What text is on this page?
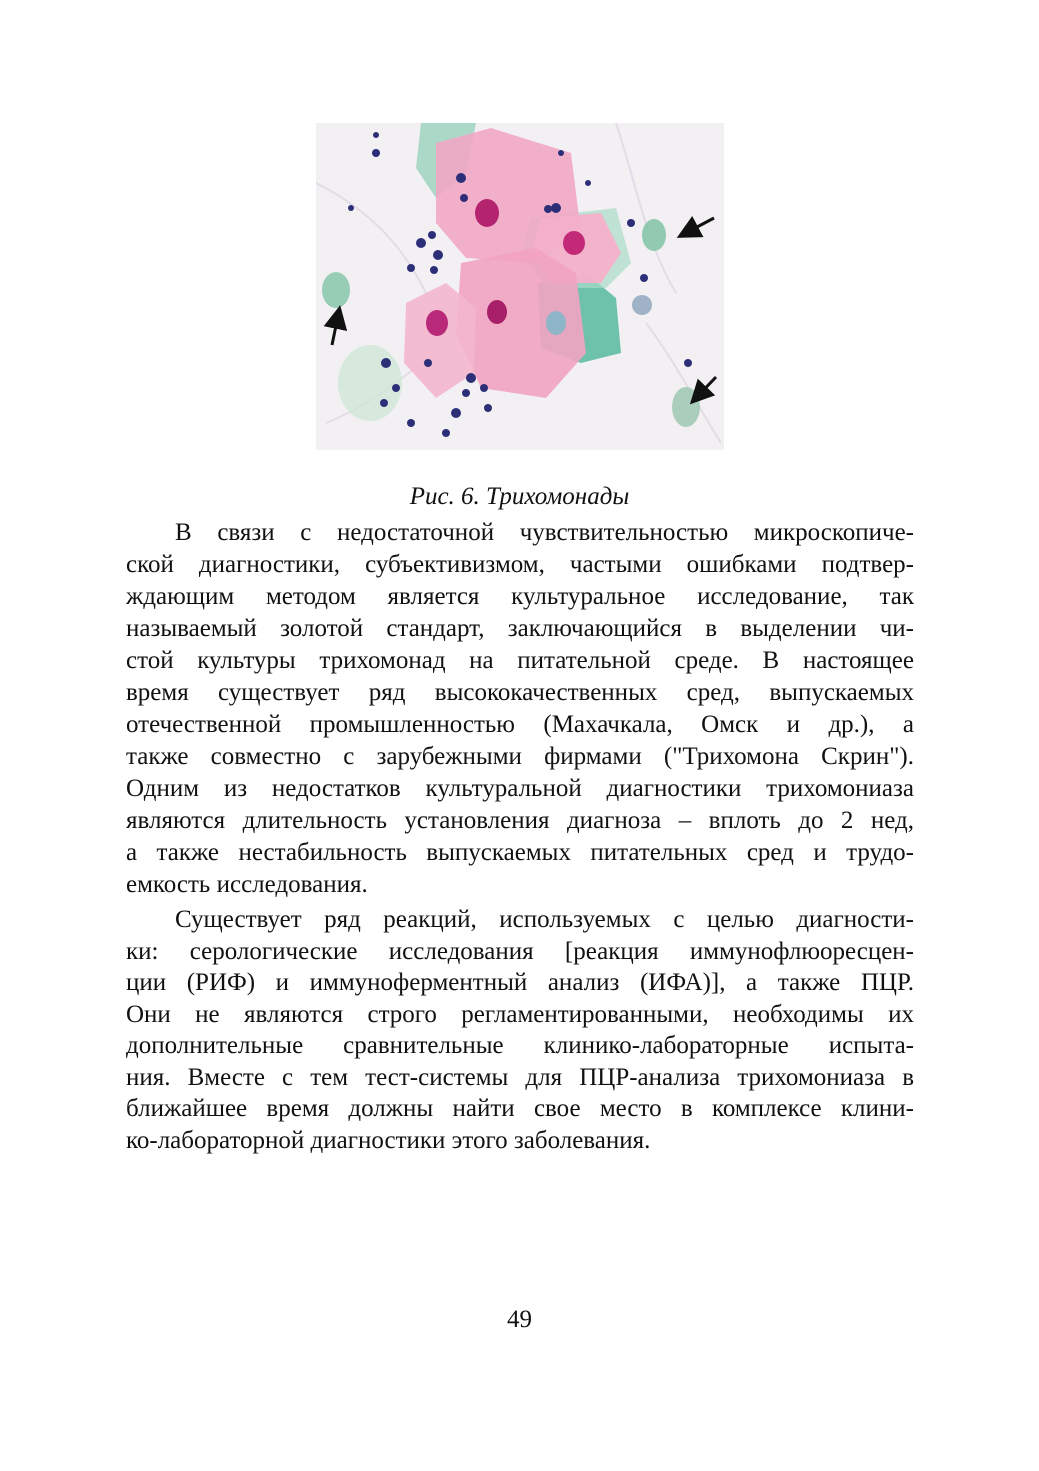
Рис. 6. Трихомонады
В связи с недостаточной чувствительностью микроскопиче-
ской диагностики, субъективизмом, частыми ошибками подтвер-
ждающим методом является культуральное исследование, так
называемый золотой стандарт, заключающийся в выделении чи-
стой культуры трихомонад на питательной среде. В настоящее
время существует ряд высококачественных сред, выпускаемых
отечественной промышленностью (Махачкала, Омск и др.), а
также совместно с зарубежными фирмами ("Трихомона Скрин").
Одним из недостатков культуральной диагностики трихомониаза
являются длительность установления диагноза – вплоть до 2 нед,
а также нестабильность выпускаемых питательных сред и трудо-
емкость исследования.
Существует ряд реакций, используемых с целью диагности-
ки: серологические исследования [реакция иммунофлюоресцен-
ции (РИФ) и иммуноферментный анализ (ИФА)], а также ПЦР.
Они не являются строго регламентированными, необходимы их
дополнительные сравнительные клинико-лабораторные испыта-
ния. Вместе с тем тест-системы для ПЦР-анализа трихомониаза в
ближайшее время должны найти свое место в комплексе клини-
ко-лабораторной диагностики этого заболевания.
49
